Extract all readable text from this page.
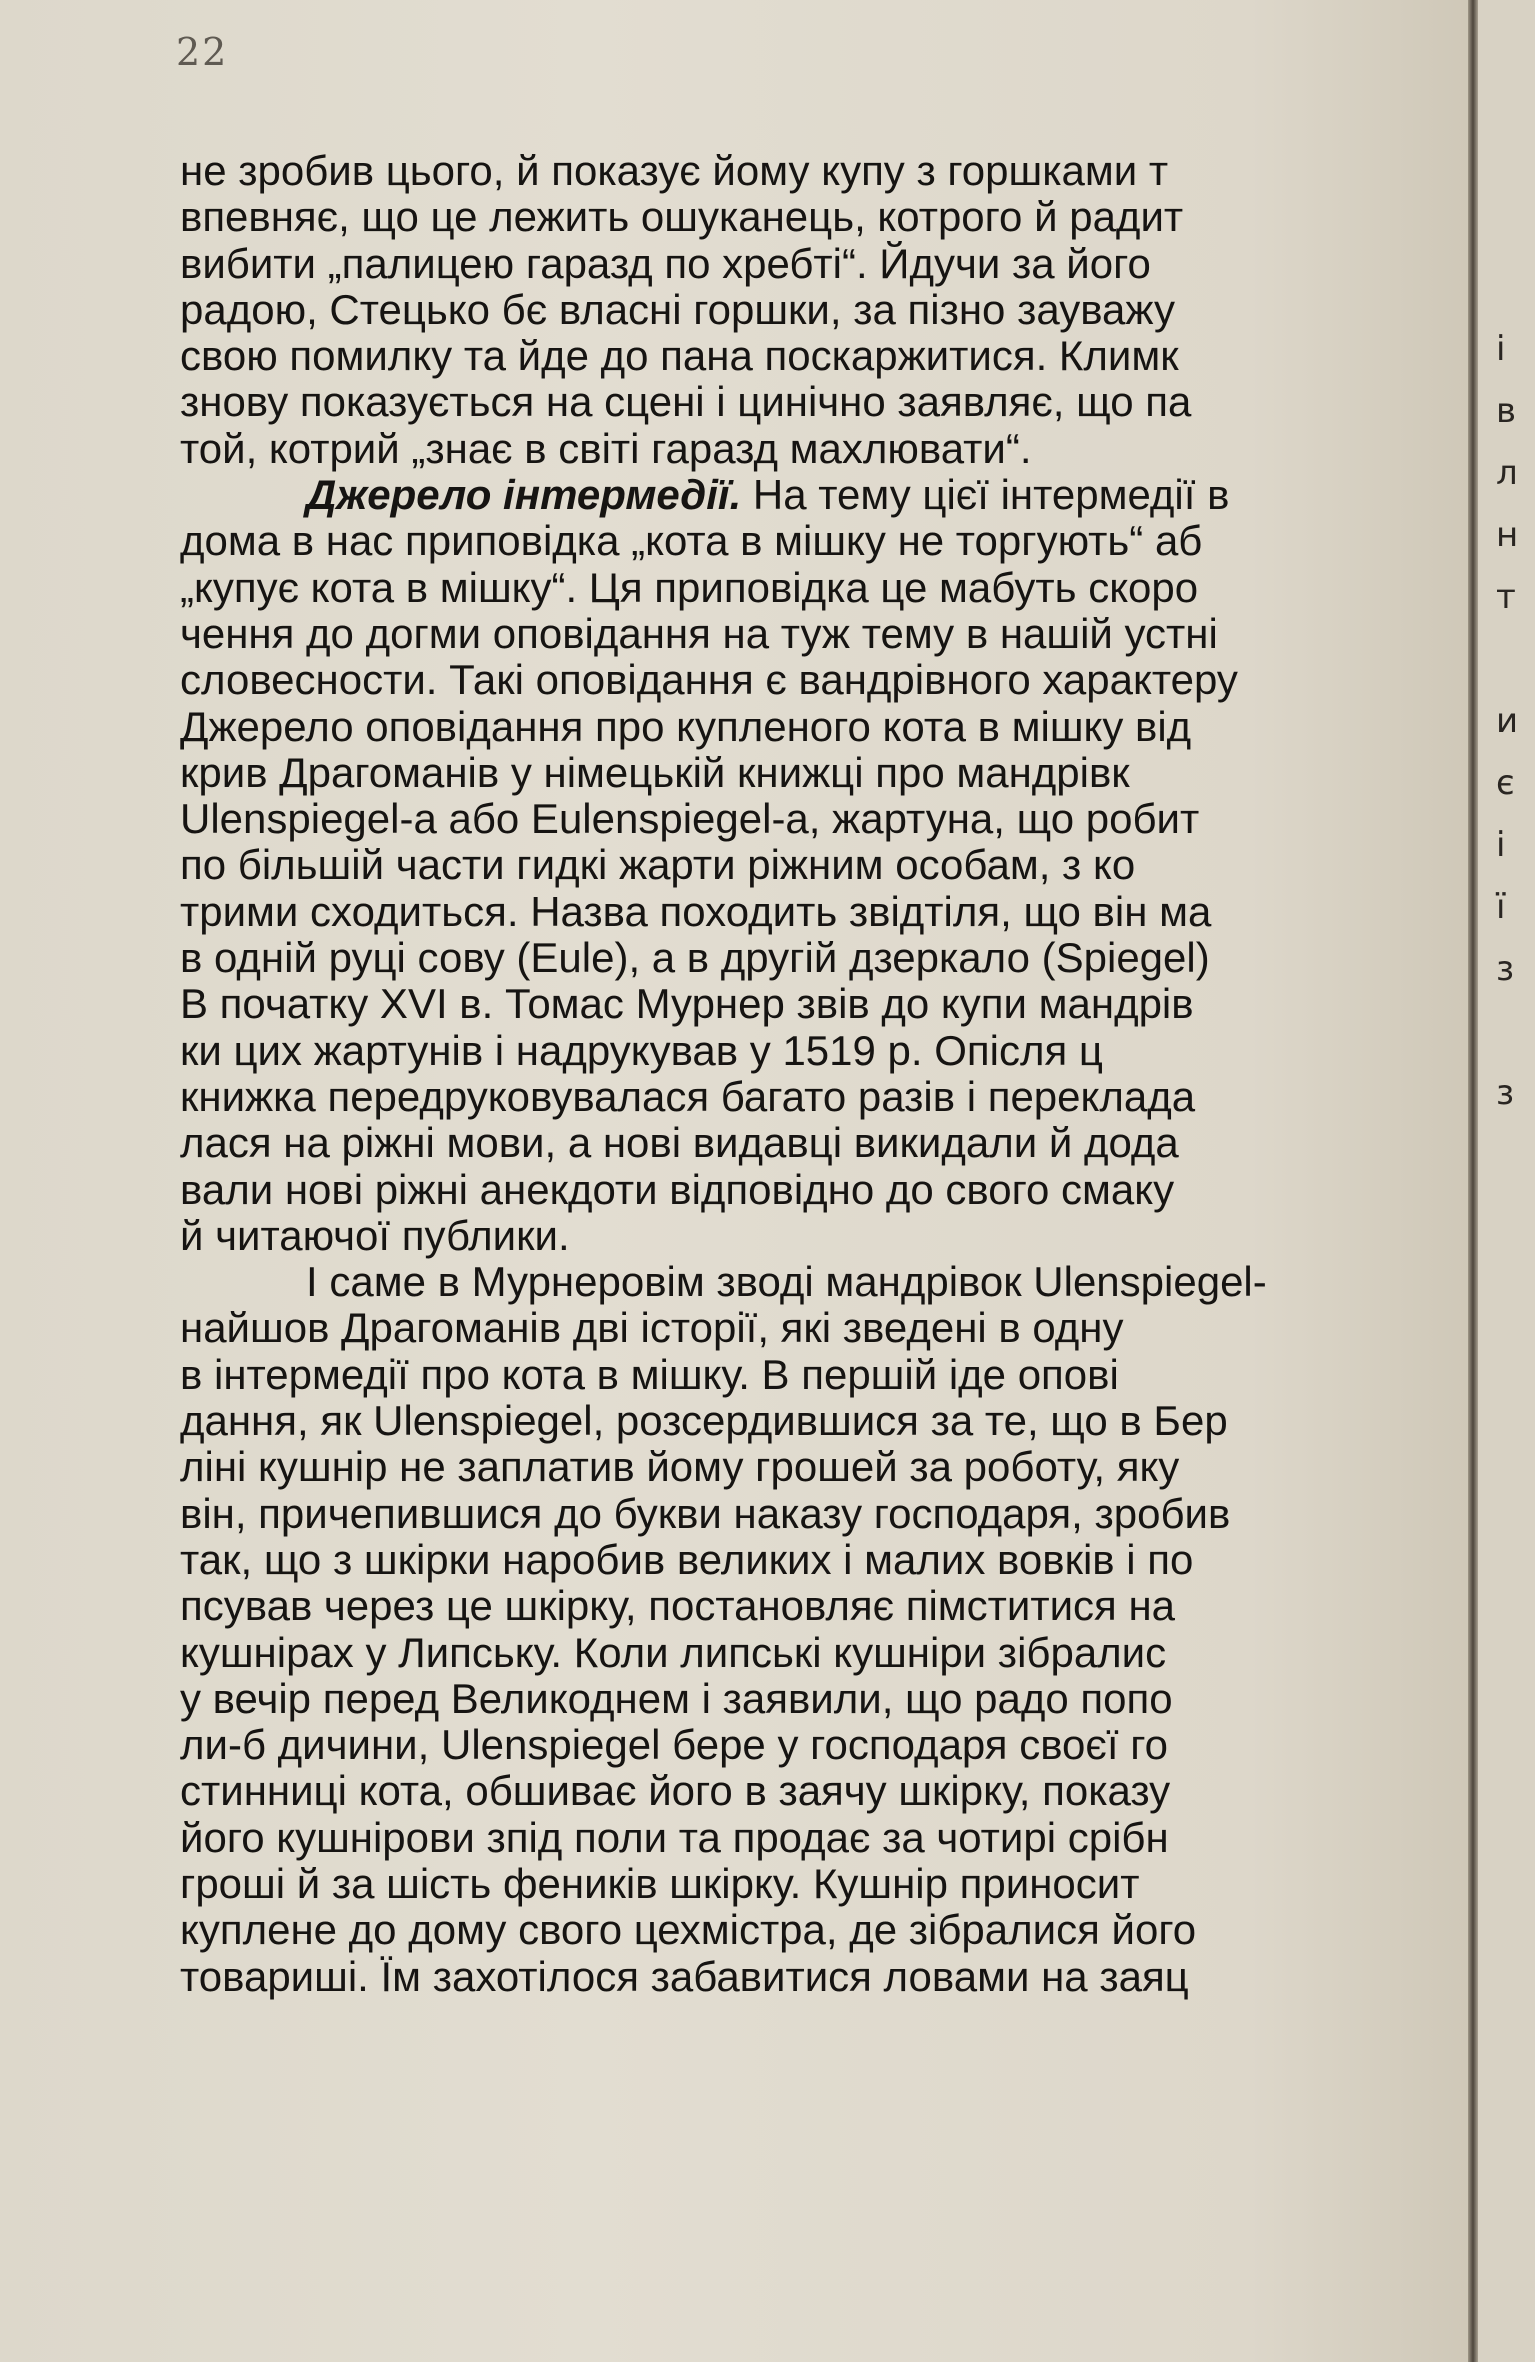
22
не зробив цього, й показує йому купу з горшками т
впевняє, що це лежить ошуканець, котрого й радит
вибити „палицею гаразд по хребті“. Йдучи за його
радою, Стецько бє власні горшки, за пізно зауважу
свою помилку та йде до пана поскаржитися. Климк
знову показується на сцені і цинічно заявляє, що па
той, котрий „знає в світі гаразд махлювати“.
Джерело інтермедії. На тему цієї інтермедії в
дома в нас приповідка „кота в мішку не торгують“ аб
„купує кота в мішку“. Ця приповідка це мабуть скоро
чення до догми оповідання на туж тему в нашій устні
словесности. Такі оповідання є вандрівного характеру
Джерело оповідання про купленого кота в мішку від
крив Драгоманів у німецькій книжці про мандрівк
Ulenspiegel-а або Eulenspiegel-а, жартуна, що робит
по більшій части гидкі жарти ріжним особам, з ко
трими сходиться. Назва походить звідтіля, що він ма
в одній руці сову (Eule), а в другій дзеркало (Spiegel)
В початку XVI в. Томас Мурнер звів до купи мандрів
ки цих жартунів і надрукував у 1519 р. Опісля ц
книжка передруковувалася багато разів і переклада
лася на ріжні мови, а нові видавці викидали й дода
вали нові ріжні анекдоти відповідно до свого смаку
й читаючої публики.
І саме в Мурнеровім зводі мандрівок Ulenspiegel-
найшов Драгоманів дві історії, які зведені в одну
в інтермедії про кота в мішку. В першій іде опові
дання, як Ulenspiegel, розсердившися за те, що в Бер
ліні кушнір не заплатив йому грошей за роботу, яку
він, причепившися до букви наказу господаря, зробив
так, що з шкірки наробив великих і малих вовків і по
псував через це шкірку, постановляє пімститися на
кушнірах у Липську. Коли липські кушніри зібралис
у вечір перед Великоднем і заявили, що радо попо
ли-б дичини, Ulenspiegel бере у господаря своєї го
стинниці кота, обшиває його в заячу шкірку, показу
його кушнірови зпід поли та продає за чотирі срібн
гроші й за шість феників шкірку. Кушнір приносит
куплене до дому свого цехмістра, де зібралися його
товариші. Їм захотілося забавитися ловами на заяц
і
в
л
н
т
и
є
і
ї
з
з
